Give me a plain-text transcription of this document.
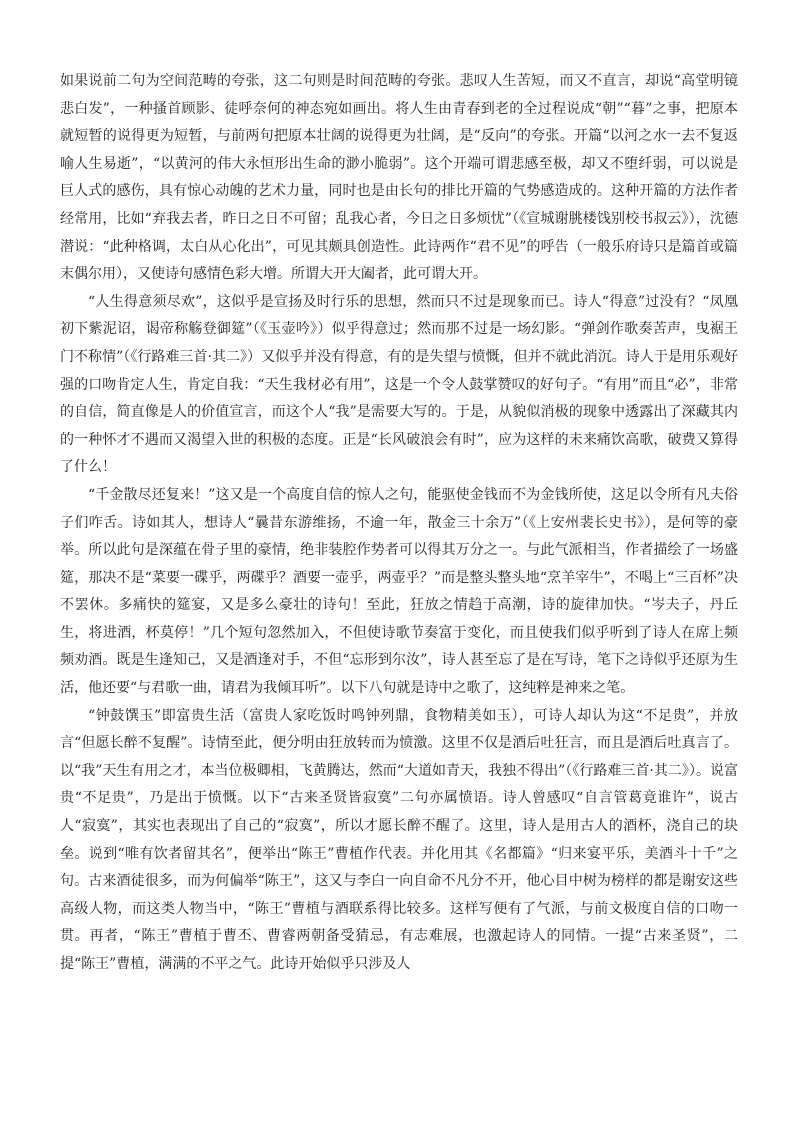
如果说前二句为空间范畴的夸张，这二句则是时间范畴的夸张。悲叹人生苦短，而又不直言，却说“高堂明镜悲白发”，一种搔首顾影、徒呼奈何的神态宛如画出。将人生由青春到老的全过程说成“朝”“暮”之事，把原本就短暂的说得更为短暂，与前两句把原本壮阔的说得更为壮阔，是“反向”的夸张。开篇“以河之水一去不复返喻人生易逝”，“以黄河的伟大永恒形出生命的渺小脆弱”。这个开端可谓悲感至极，却又不堕纤弱，可以说是巨人式的感伤，具有惊心动魄的艺术力量，同时也是由长句的排比开篇的气势感造成的。这种开篇的方法作者经常用，比如“弃我去者，昨日之日不可留；乱我心者，今日之日多烦忧”（《宣城谢朓楼饯别校书叔云》），沈德潜说：“此种格调，太白从心化出”，可见其颇具创造性。此诗两作“君不见”的呼告（一般乐府诗只是篇首或篇末偶尔用），又使诗句感情色彩大增。所谓大开大阖者，此可谓大开。

“人生得意须尽欢”，这似乎是宣扬及时行乐的思想，然而只不过是现象而已。诗人“得意”过没有？“凤凰初下紫泥诏，谒帝称觞登御筵”（《玉壶吟》）似乎得意过；然而那不过是一场幻影。“弹剑作歌奏苦声，曳裾王门不称情”（《行路难三首·其二》）又似乎并没有得意，有的是失望与愤慨，但并不就此消沉。诗人于是用乐观好强的口吻肯定人生，肯定自我：“天生我材必有用”，这是一个令人鼓掌赞叹的好句子。“有用”而且“必”，非常的自信，简直像是人的价值宣言，而这个人“我”是需要大写的。于是，从貌似消极的现象中透露出了深藏其内的一种怀才不遇而又渴望入世的积极的态度。正是“长风破浪会有时”，应为这样的未来痛饮高歌，破费又算得了什么！

“千金散尽还复来！”这又是一个高度自信的惊人之句，能驱使金钱而不为金钱所使，这足以令所有凡夫俗子们咋舌。诗如其人，想诗人“曩昔东游维扬，不逾一年，散金三十余万”（《上安州裴长史书》），是何等的豪举。所以此句是深蕴在骨子里的豪情，绝非装腔作势者可以得其万分之一。与此气派相当，作者描绘了一场盛筵，那决不是“菜要一碟乎，两碟乎？酒要一壶乎，两壶乎？”而是整头整头地“烹羊宰牛”，不喝上“三百杯”决不罢休。多痛快的筵宴，又是多么豪壮的诗句！至此，狂放之情趋于高潮，诗的旋律加快。“岑夫子，丹丘生，将进酒，杯莫停！”几个短句忽然加入，不但使诗歌节奏富于变化，而且使我们似乎听到了诗人在席上频频劝酒。既是生逢知己，又是酒逢对手，不但“忘形到尔汝”，诗人甚至忘了是在写诗，笔下之诗似乎还原为生活，他还要“与君歌一曲，请君为我倾耳听”。以下八句就是诗中之歌了，这纯粹是神来之笔。

“钟鼓馔玉”即富贵生活（富贵人家吃饭时鸣钟列鼎，食物精美如玉），可诗人却认为这“不足贵”，并放言“但愿长醉不复醒”。诗情至此，便分明由狂放转而为愤激。这里不仅是酒后吐狂言，而且是酒后吐真言了。以“我”天生有用之才，本当位极卿相，飞黄腾达，然而“大道如青天，我独不得出”（《行路难三首·其二》）。说富贵“不足贵”，乃是出于愤慨。以下“古来圣贤皆寂寞”二句亦属愤语。诗人曾感叹“自言管葛竟谁许”，说古人“寂寞”，其实也表现出了自己的“寂寞”，所以才愿长醉不醒了。这里，诗人是用古人的酒杯，浇自己的块垒。说到“唯有饮者留其名”，便举出“陈王”曹植作代表。并化用其《名都篇》“归来宴平乐，美酒斗十千”之句。古来酒徒很多，而为何偏举“陈王”，这又与李白一向自命不凡分不开，他心目中树为榜样的都是谢安这些高级人物，而这类人物当中，“陈王”曹植与酒联系得比较多。这样写便有了气派，与前文极度自信的口吻一贯。再者，“陈王”曹植于曹丕、曹睿两朝备受猜忌，有志难展，也激起诗人的同情。一提“古来圣贤”，二提“陈王”曹植，满满的不平之气。此诗开始似乎只涉及人
